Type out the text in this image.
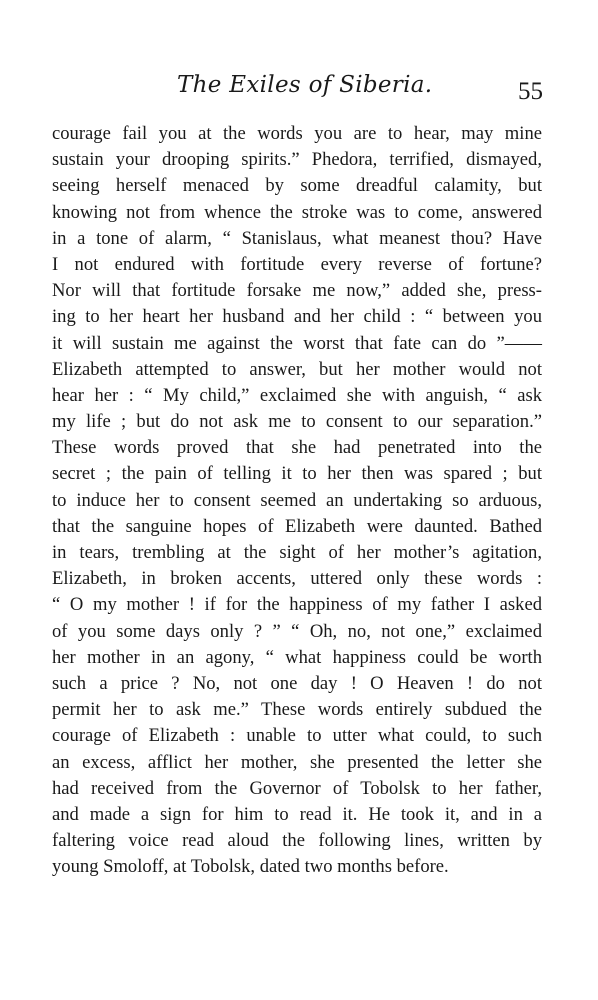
The Exiles of Siberia.	55
courage fail you at the words you are to hear, may mine
sustain your drooping spirits.” Phedora, terrified, dismayed,
seeing herself menaced by some dreadful calamity, but
knowing not from whence the stroke was to come, answered
in a tone of alarm, “ Stanislaus, what meanest thou? Have
I not endured with fortitude every reverse of fortune?
Nor will that fortitude forsake me now,” added she, press-
ing to her heart her husband and her child : “ between you
it will sustain me against the worst that fate can do ”——
Elizabeth attempted to answer, but her mother would not
hear her : “ My child,” exclaimed she with anguish, “ ask
my life ; but do not ask me to consent to our separation.”
These words proved that she had penetrated into the
secret ; the pain of telling it to her then was spared ; but
to induce her to consent seemed an undertaking so arduous,
that the sanguine hopes of Elizabeth were daunted. Bathed
in tears, trembling at the sight of her mother’s agitation,
Elizabeth, in broken accents, uttered only these words :
“ O my mother ! if for the happiness of my father I asked
of you some days only ? ” “ Oh, no, not one,” exclaimed
her mother in an agony, “ what happiness could be worth
such a price ? No, not one day ! O Heaven ! do not
permit her to ask me.” These words entirely subdued the
courage of Elizabeth : unable to utter what could, to such
an excess, afflict her mother, she presented the letter she
had received from the Governor of Tobolsk to her father,
and made a sign for him to read it. He took it, and in a
faltering voice read aloud the following lines, written by
young Smoloff, at Tobolsk, dated two months before.
